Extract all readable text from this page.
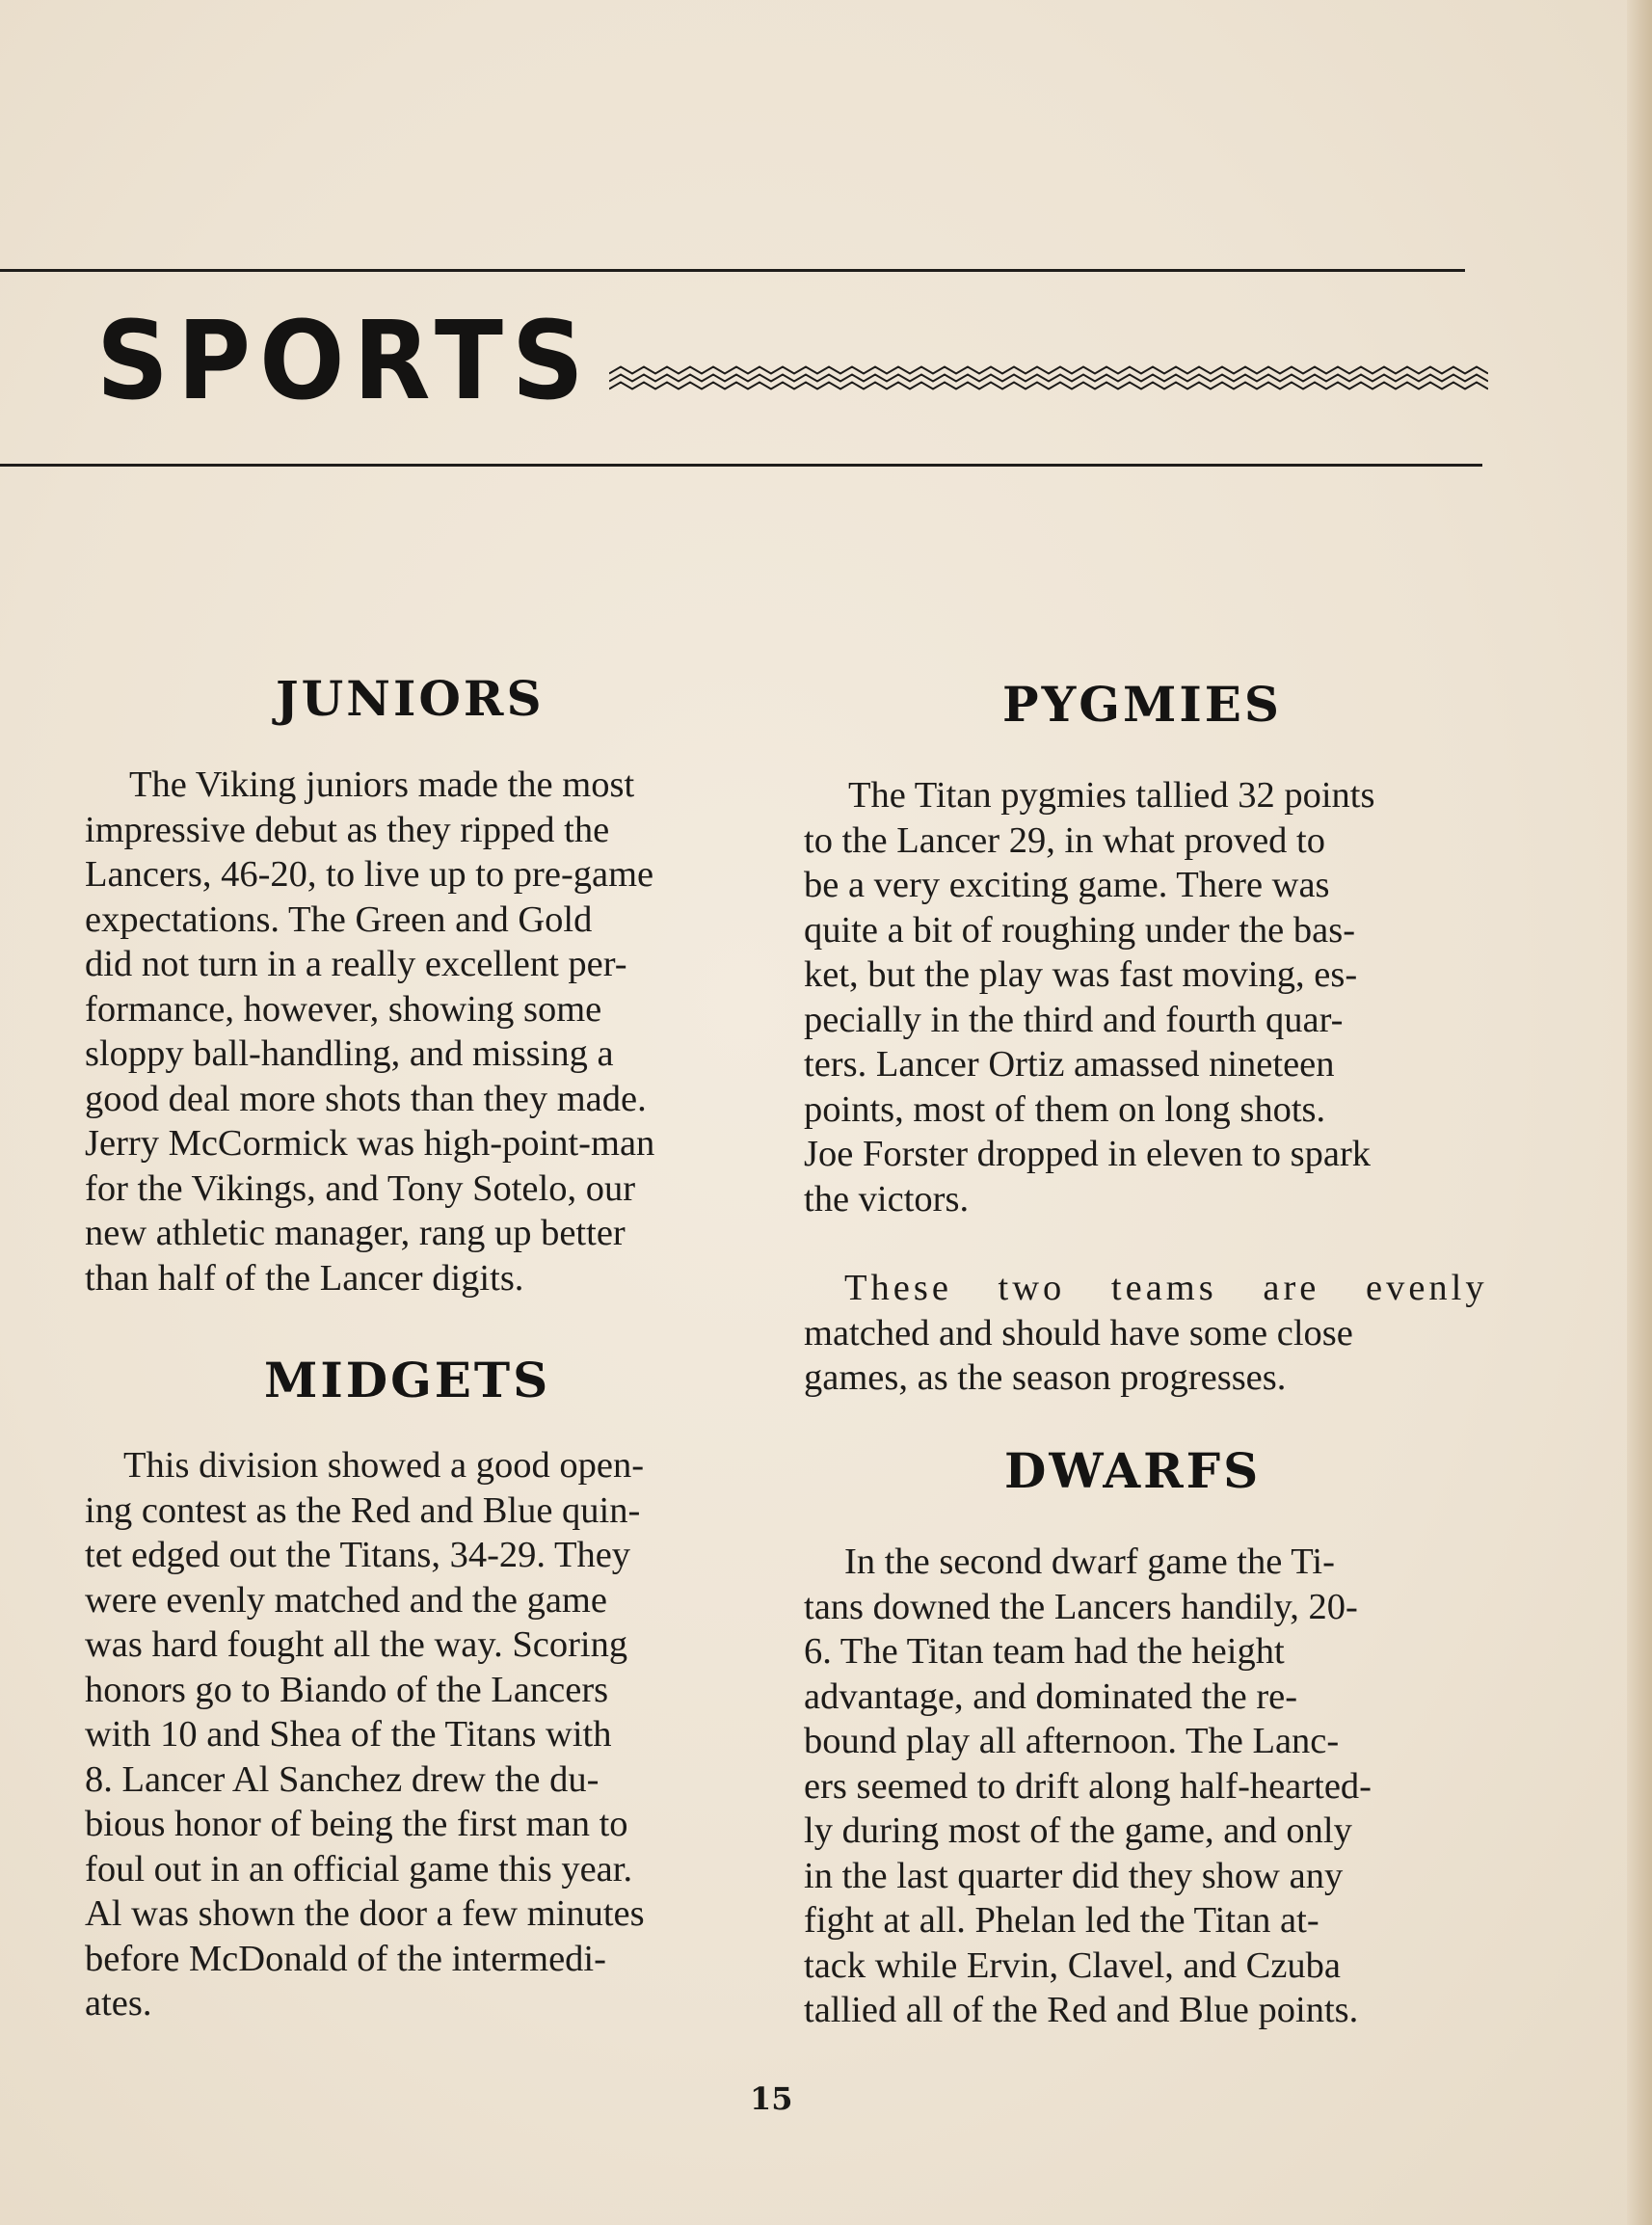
SPORTS
JUNIORS

The Viking juniors made the most
impressive debut as they ripped the
Lancers, 46-20, to live up to pre-game
expectations. The Green and Gold
did not turn in a really excellent per-
formance, however, showing some
sloppy ball-handling, and missing a
good deal more shots than they made.
Jerry McCormick was high-point-man
for the Vikings, and Tony Sotelo, our
new athletic manager, rang up better
than half of the Lancer digits.

MIDGETS

This division showed a good open-
ing contest as the Red and Blue quin-
tet edged out the Titans, 34-29. They
were evenly matched and the game
was hard fought all the way. Scoring
honors go to Biando of the Lancers
with 10 and Shea of the Titans with
8. Lancer Al Sanchez drew the du-
bious honor of being the first man to
foul out in an official game this year.
Al was shown the door a few minutes
before McDonald of the intermedi-
ates.

PYGMIES

The Titan pygmies tallied 32 points
to the Lancer 29, in what proved to
be a very exciting game. There was
quite a bit of roughing under the bas-
ket, but the play was fast moving, es-
pecially in the third and fourth quar-
ters. Lancer Ortiz amassed nineteen
points, most of them on long shots.
Joe Forster dropped in eleven to spark
the victors.

These two teams are evenly
matched and should have some close
games, as the season progresses.

DWARFS

In the second dwarf game the Ti-
tans downed the Lancers handily, 20-
6. The Titan team had the height
advantage, and dominated the re-
bound play all afternoon. The Lanc-
ers seemed to drift along half-hearted-
ly during most of the game, and only
in the last quarter did they show any
fight at all. Phelan led the Titan at-
tack while Ervin, Clavel, and Czuba
tallied all of the Red and Blue points.

15
